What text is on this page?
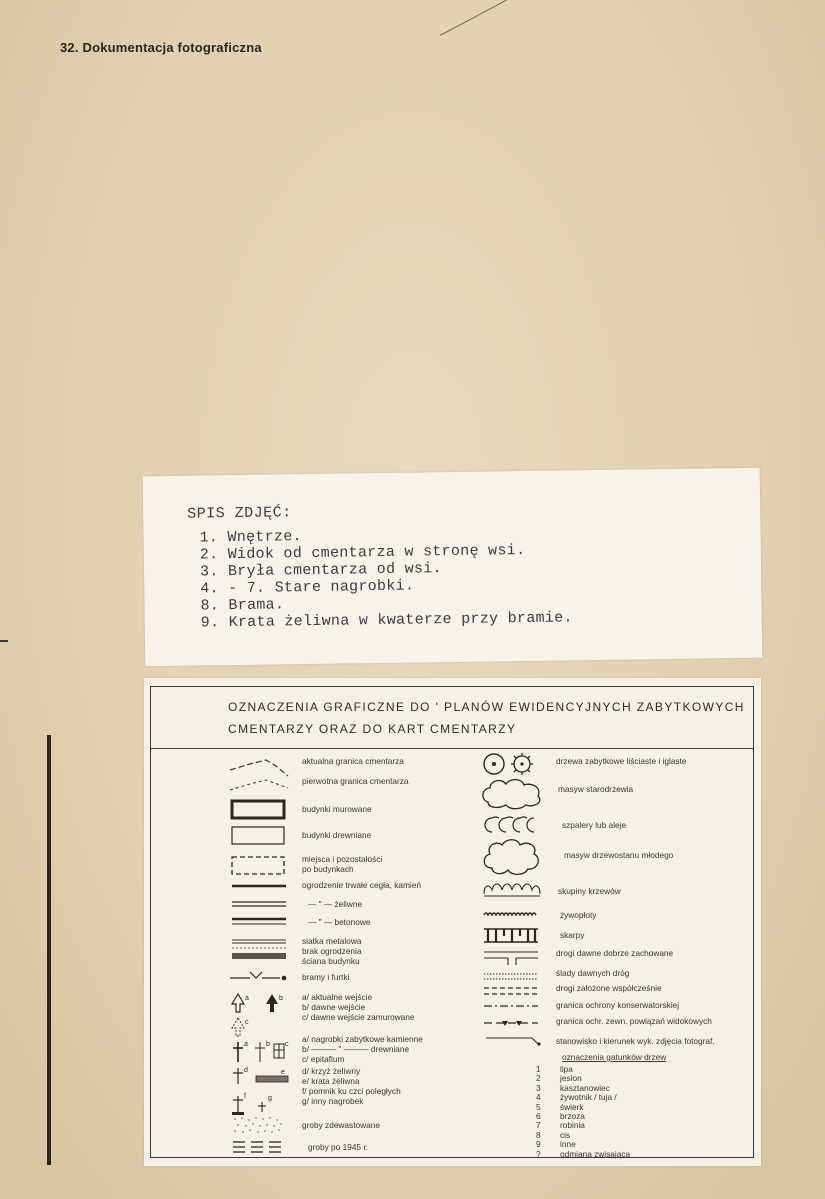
32. Dokumentacja fotograficzna
SPIS ZDJĘĆ:
1. Wnętrze.
2. Widok od cmentarza w stronę wsi.
3. Bryła cmentarza od wsi.
4. - 7. Stare nagrobki.
8. Brama.
9. Krata żeliwna w kwaterze przy bramie.
OZNACZENIA GRAFICZNE DO ' PLANÓW EWIDENCYJNYCH ZABYTKOWYCH
CMENTARZY ORAZ DO KART CMENTARZY
a	b
c
a	b c
d	e
f	g
aktualna granica cmentarza
pierwotna granica cmentarza
budynki murowane
budynki drewniane
miejsca i pozostałości
po budynkach
ogrodzenie trwałe cegła, kamień
— " — żeliwne
— " — betonowe
siatka metalowa
brak ogrodzenia
ściana budynku
bramy i furtki
a/ aktualne wejście
b/ dawne wejście
c/ dawne wejście zamurowane
a/ nagrobki zabytkowe kamienne
b/ ——— " ——— drewniane
c/ epitafium
d/ krzyż żeliwny
e/ krata żeliwna
f/ pomnik ku czci poległych
g/ inny nagrobek
groby zdewastowane
groby po 1945 r.
drzewa zabytkowe liściaste i iglaste
masyw starodrzewia
szpalery lub aleje
masyw drzewostanu młodego
skupiny krzewów
żywopłoty
skarpy
drogi dawne dobrze zachowane
ślady dawnych dróg
drogi założone współcześnie
granica ochrony konserwatorskiej
granica ochr. zewn. powiązań widokowych
stanowisko i kierunek wyk. zdjęcia fotograf.
oznaczenia gatunków drzew
1 lipa
2 jesion
3 kasztanowiec
4 żywotnik / tuja /
5 świerk
6 brzoza
7 robinia
8 cis
9 inne
? odmiana zwisająca
